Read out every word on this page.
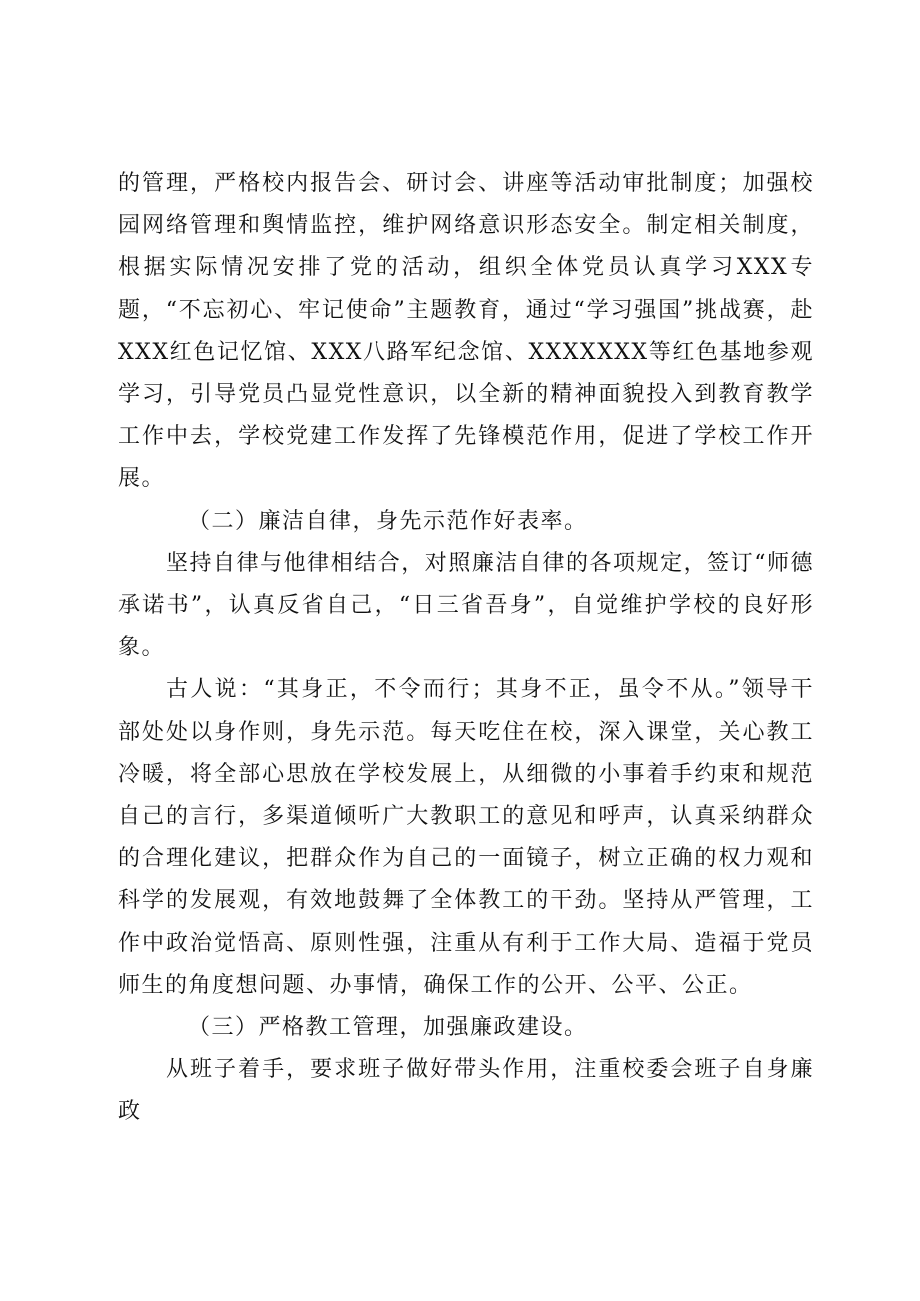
的管理，严格校内报告会、研讨会、讲座等活动审批制度；加强校园网络管理和舆情监控，维护网络意识形态安全。制定相关制度，根据实际情况安排了党的活动，组织全体党员认真学习XXX专题，“不忘初心、牢记使命”主题教育，通过“学习强国”挑战赛，赴XXX红色记忆馆、XXX八路军纪念馆、XXXXXXX等红色基地参观学习，引导党员凸显党性意识，以全新的精神面貌投入到教育教学工作中去，学校党建工作发挥了先锋模范作用，促进了学校工作开展。

（二）廉洁自律，身先示范作好表率。

坚持自律与他律相结合，对照廉洁自律的各项规定，签订“师德承诺书”，认真反省自己，“日三省吾身”，自觉维护学校的良好形象。

古人说：“其身正，不令而行；其身不正，虽令不从。”领导干部处处以身作则，身先示范。每天吃住在校，深入课堂，关心教工冷暖，将全部心思放在学校发展上，从细微的小事着手约束和规范自己的言行，多渠道倾听广大教职工的意见和呼声，认真采纳群众的合理化建议，把群众作为自己的一面镜子，树立正确的权力观和科学的发展观，有效地鼓舞了全体教工的干劲。坚持从严管理，工作中政治觉悟高、原则性强，注重从有利于工作大局、造福于党员师生的角度想问题、办事情，确保工作的公开、公平、公正。

（三）严格教工管理，加强廉政建设。

从班子着手，要求班子做好带头作用，注重校委会班子自身廉政
